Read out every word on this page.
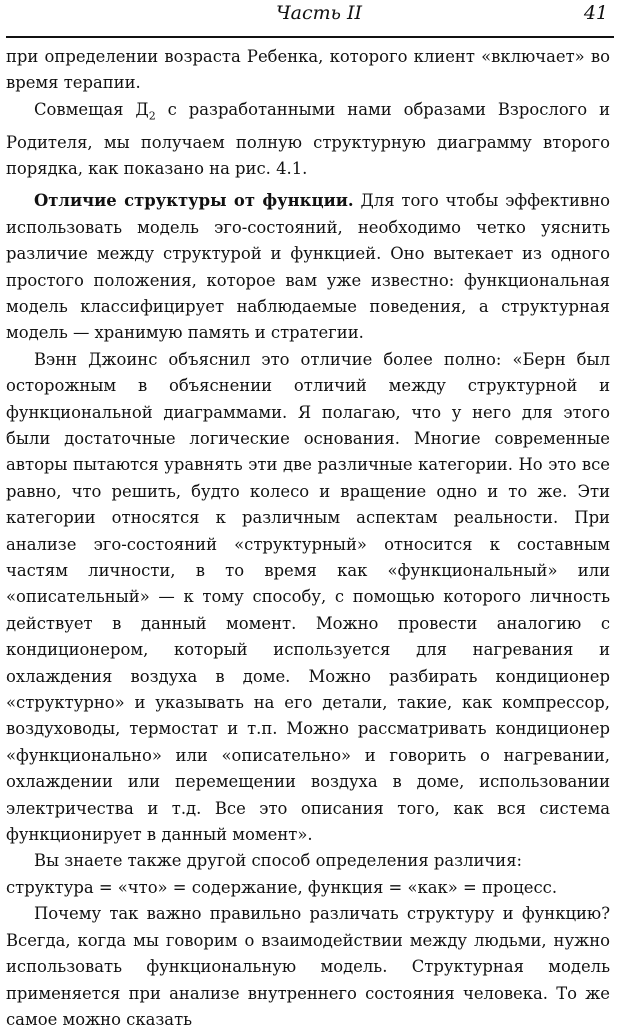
Часть II	41

при определении возраста Ребенка, которого клиент «включает» во время терапии.

Совмещая $Д_2$ с разработанными нами образами Взрослого и Родителя, мы получаем полную структурную диаграмму второго порядка, как показано на рис. 4.1.

Отличие структуры от функции. Для того чтобы эффективно использовать модель эго-состояний, необходимо четко уяснить различие между структурой и функцией. Оно вытекает из одного простого положения, которое вам уже известно: функциональная модель классифицирует наблюдаемые поведения, а структурная модель — хранимую память и стратегии.

Вэнн Джоинс объяснил это отличие более полно: «Берн был осторожным в объяснении отличий между структурной и функциональной диаграммами. Я полагаю, что у него для этого были достаточные логические основания. Многие современные авторы пытаются уравнять эти две различные категории. Но это все равно, что решить, будто колесо и вращение одно и то же. Эти категории относятся к различным аспектам реальности. При анализе эго-состояний «структурный» относится к составным частям личности, в то время как «функциональный» или «описательный» — к тому способу, с помощью которого личность действует в данный момент. Можно провести аналогию с кондиционером, который используется для нагревания и охлаждения воздуха в доме. Можно разбирать кондиционер «структурно» и указывать на его детали, такие, как компрессор, воздуховоды, термостат и т.п. Можно рассматривать кондиционер «функционально» или «описательно» и говорить о нагревании, охлаждении или перемещении воздуха в доме, использовании электричества и т.д. Все это описания того, как вся система функционирует в данный момент».

Вы знаете также другой способ определения различия:

структура = «что» = содержание, функция = «как» = процесс.

Почему так важно правильно различать структуру и функцию? Всегда, когда мы говорим о взаимодействии между людьми, нужно использовать функциональную модель. Структурная модель применяется при анализе внутреннего состояния человека. То же самое можно сказать
